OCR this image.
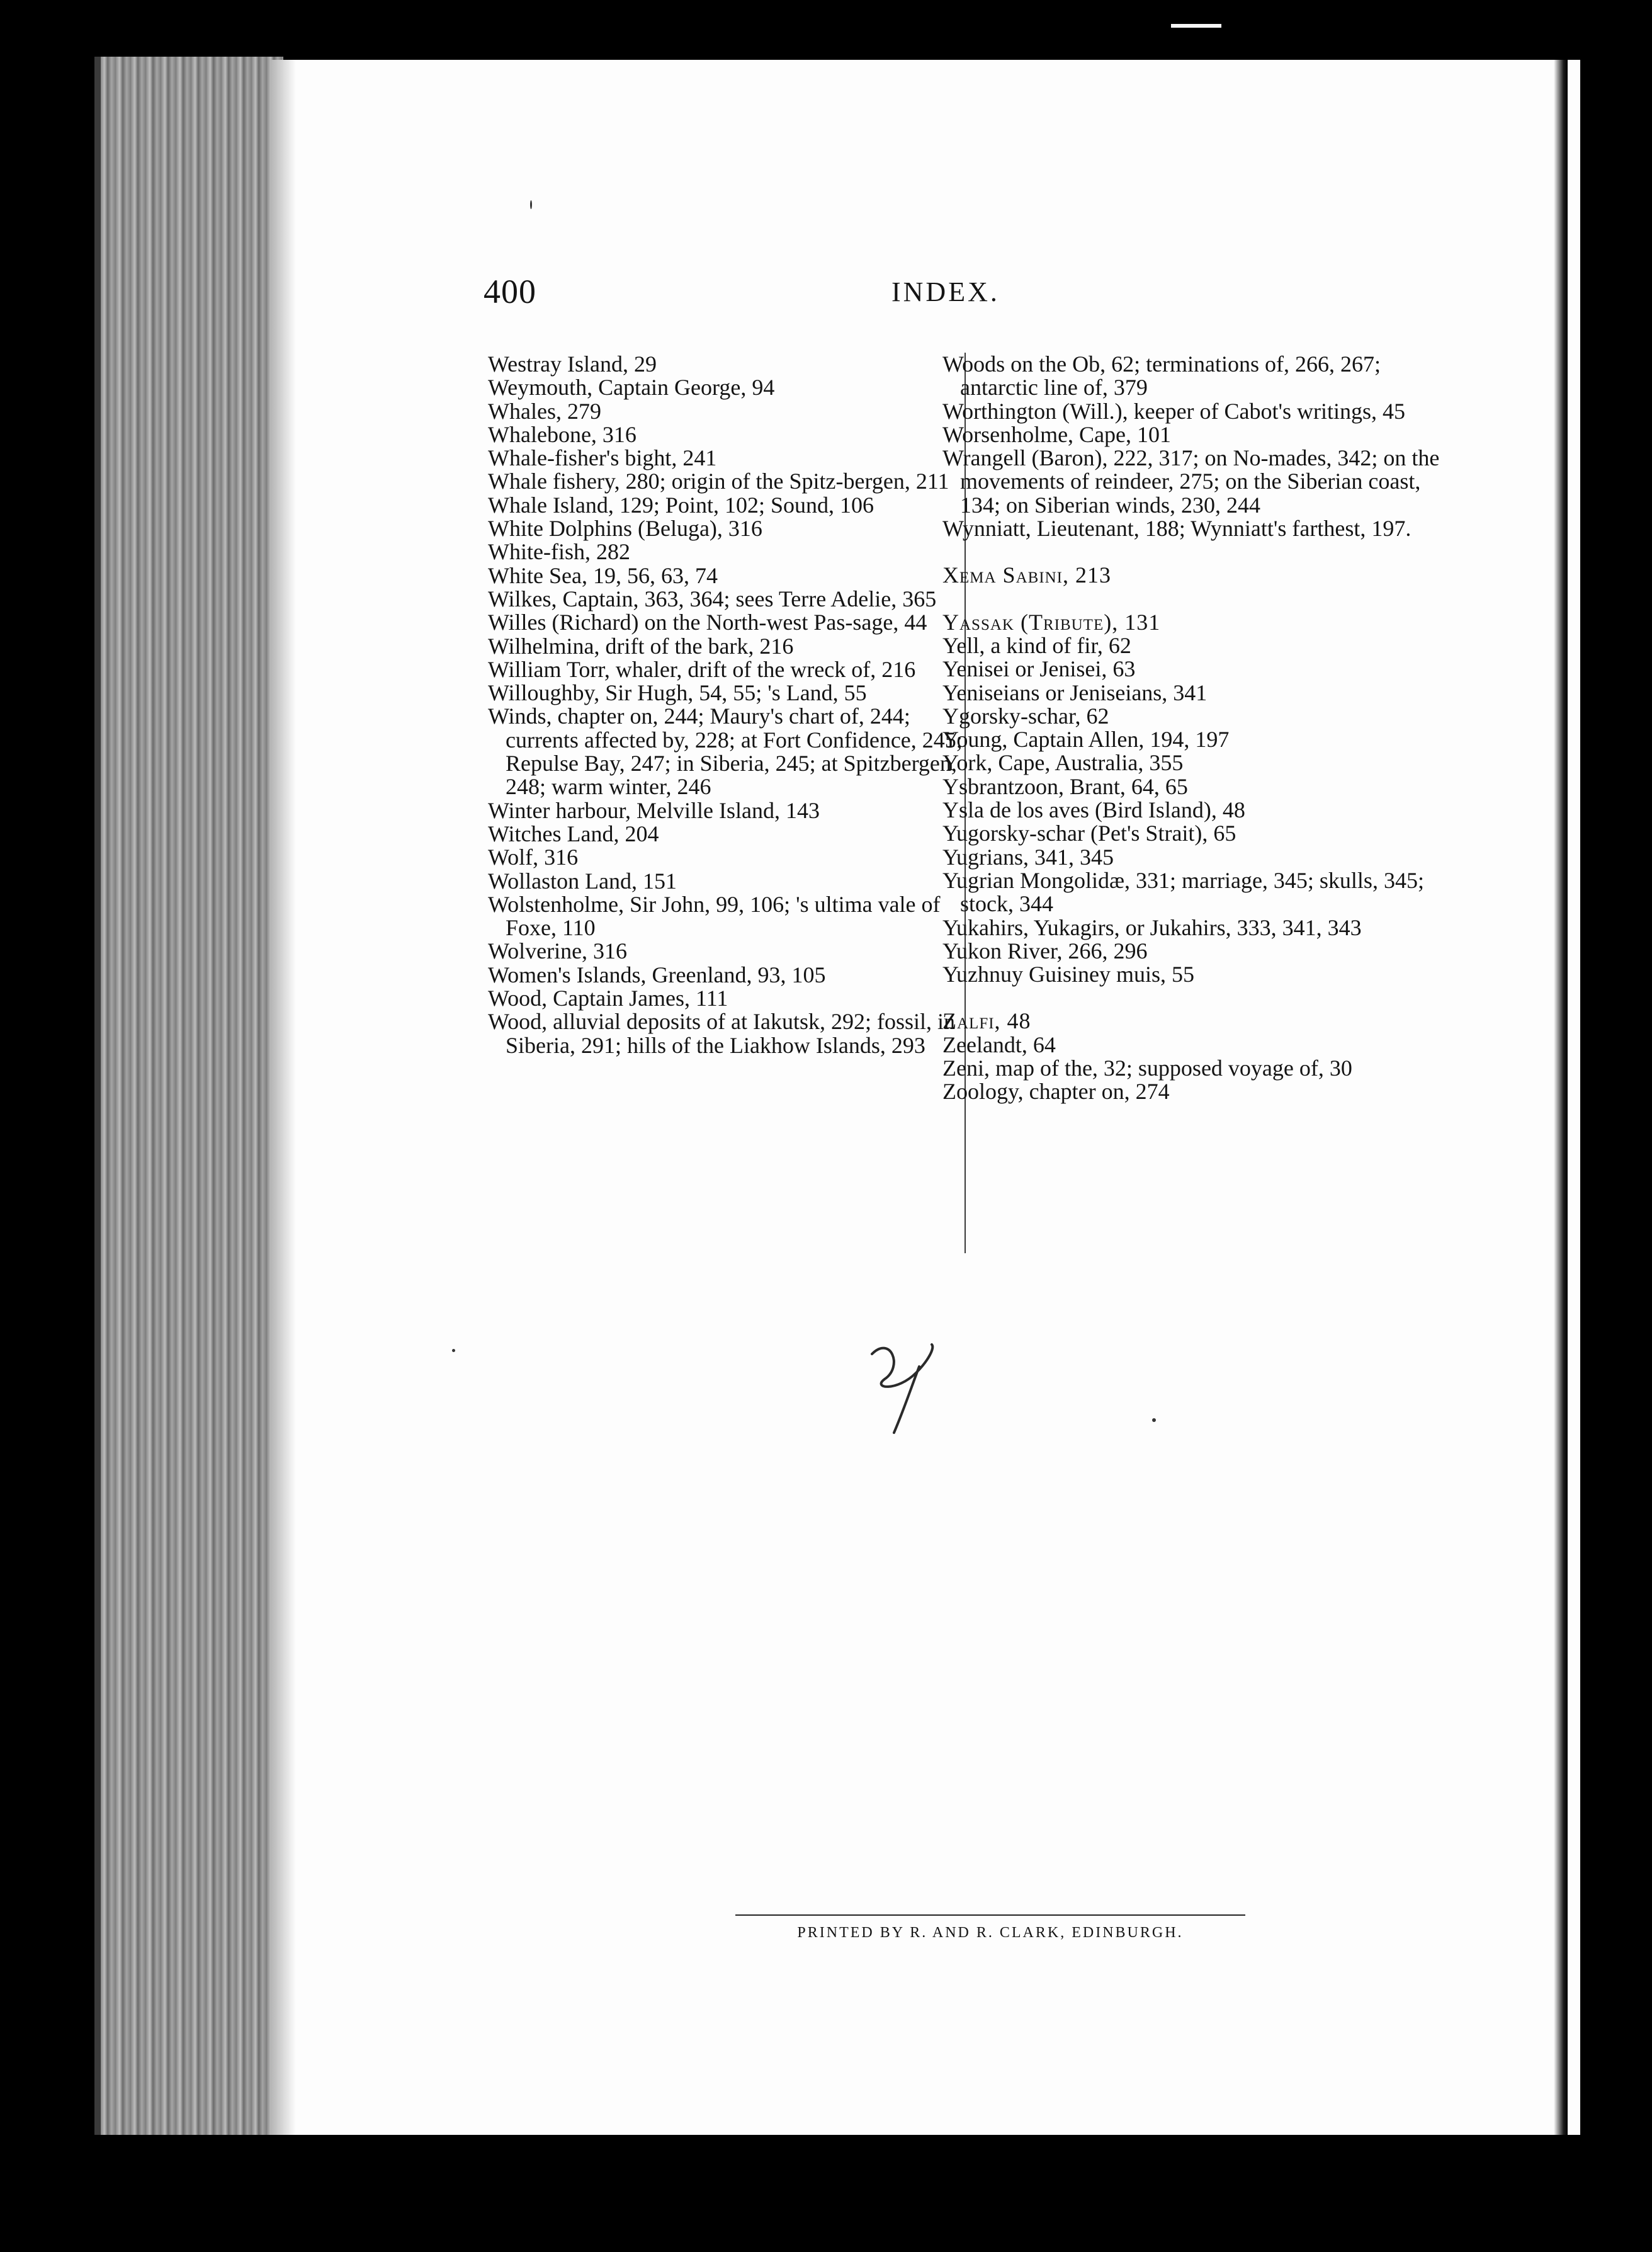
400	INDEX.
Westray Island, 29
Weymouth, Captain George, 94
Whales, 279
Whalebone, 316
Whale-fisher's bight, 241
Whale fishery, 280; origin of the Spitz-bergen, 211
Whale Island, 129; Point, 102; Sound, 106
White Dolphins (Beluga), 316
White-fish, 282
White Sea, 19, 56, 63, 74
Wilkes, Captain, 363, 364; sees Terre Adelie, 365
Willes (Richard) on the North-west Pas-sage, 44
Wilhelmina, drift of the bark, 216
William Torr, whaler, drift of the wreck of, 216
Willoughby, Sir Hugh, 54, 55; 's Land, 55
Winds, chapter on, 244; Maury's chart of, 244; currents affected by, 228; at Fort Confidence, 245; Repulse Bay, 247; in Siberia, 245; at Spitzbergen, 248; warm winter, 246
Winter harbour, Melville Island, 143
Witches Land, 204
Wolf, 316
Wollaston Land, 151
Wolstenholme, Sir John, 99, 106; 's ultima vale of Foxe, 110
Wolverine, 316
Women's Islands, Greenland, 93, 105
Wood, Captain James, 111
Wood, alluvial deposits of at Iakutsk, 292; fossil, in Siberia, 291; hills of the Liakhow Islands, 293
Woods on the Ob, 62; terminations of, 266, 267; antarctic line of, 379
Worthington (Will.), keeper of Cabot's writings, 45
Worsenholme, Cape, 101
Wrangell (Baron), 222, 317; on No-mades, 342; on the movements of reindeer, 275; on the Siberian coast, 134; on Siberian winds, 230, 244
Wynniatt, Lieutenant, 188; Wynniatt's farthest, 197.
Xema Sabini, 213
Yassak (Tribute), 131
Yell, a kind of fir, 62
Yenisei or Jenisei, 63
Yeniseians or Jeniseians, 341
Ygorsky-schar, 62
Young, Captain Allen, 194, 197
York, Cape, Australia, 355
Ysbrantzoon, Brant, 64, 65
Ysla de los aves (Bird Island), 48
Yugorsky-schar (Pet's Strait), 65
Yugrians, 341, 345
Yugrian Mongolidæ, 331; marriage, 345; skulls, 345; stock, 344
Yukahirs, Yukagirs, or Jukahirs, 333, 341, 343
Yukon River, 266, 296
Yuzhnuy Guisiney muis, 55
Zalfi, 48
Zeelandt, 64
Zeni, map of the, 32; supposed voyage of, 30
Zoology, chapter on, 274
PRINTED BY R. AND R. CLARK, EDINBURGH.
